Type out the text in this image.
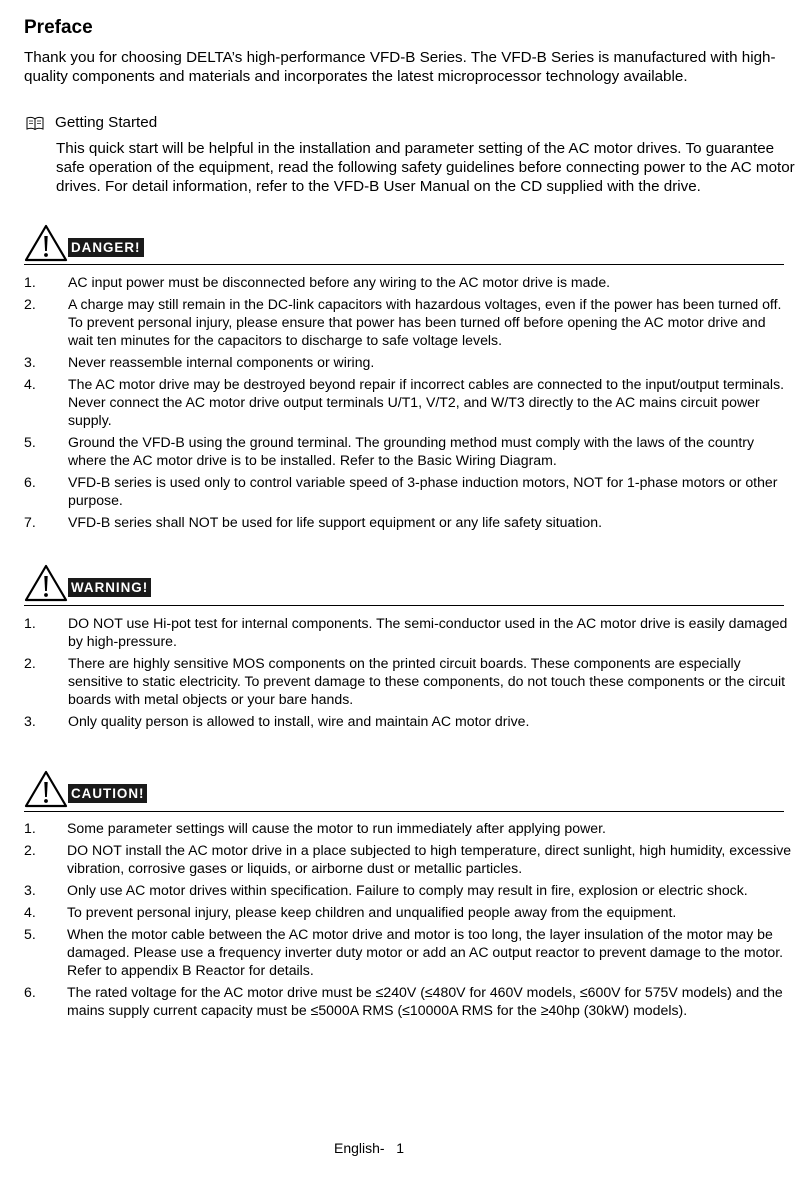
Preface

Thank you for choosing DELTA’s high-performance VFD-B Series. The VFD-B Series is manufactured with high-quality components and materials and incorporates the latest microprocessor technology available.

Getting Started

This quick start will be helpful in the installation and parameter setting of the AC motor drives. To guarantee safe operation of the equipment, read the following safety guidelines before connecting power to the AC motor drives. For detail information, refer to the VFD-B User Manual on the CD supplied with the drive.

DANGER!
1.	AC input power must be disconnected before any wiring to the AC motor drive is made.
2.	A charge may still remain in the DC-link capacitors with hazardous voltages, even if the power has been turned off. To prevent personal injury, please ensure that power has been turned off before opening the AC motor drive and wait ten minutes for the capacitors to discharge to safe voltage levels.
3.	Never reassemble internal components or wiring.
4.	The AC motor drive may be destroyed beyond repair if incorrect cables are connected to the input/output terminals. Never connect the AC motor drive output terminals U/T1, V/T2, and W/T3 directly to the AC mains circuit power supply.
5.	Ground the VFD-B using the ground terminal. The grounding method must comply with the laws of the country where the AC motor drive is to be installed. Refer to the Basic Wiring Diagram.
6.	VFD-B series is used only to control variable speed of 3-phase induction motors, NOT for 1-phase motors or other purpose.
7.	VFD-B series shall NOT be used for life support equipment or any life safety situation.
WARNING!
1.	DO NOT use Hi-pot test for internal components. The semi-conductor used in the AC motor drive is easily damaged by high-pressure.
2.	There are highly sensitive MOS components on the printed circuit boards. These components are especially sensitive to static electricity. To prevent damage to these components, do not touch these components or the circuit boards with metal objects or your bare hands.
3.	Only quality person is allowed to install, wire and maintain AC motor drive.
CAUTION!
1.	Some parameter settings will cause the motor to run immediately after applying power.
2.	DO NOT install the AC motor drive in a place subjected to high temperature, direct sunlight, high humidity, excessive vibration, corrosive gases or liquids, or airborne dust or metallic particles.
3.	Only use AC motor drives within specification. Failure to comply may result in fire, explosion or electric shock.
4.	To prevent personal injury, please keep children and unqualified people away from the equipment.
5.	When the motor cable between the AC motor drive and motor is too long, the layer insulation of the motor may be damaged. Please use a frequency inverter duty motor or add an AC output reactor to prevent damage to the motor. Refer to appendix B Reactor for details.
6.	The rated voltage for the AC motor drive must be ≤240V (≤480V for 460V models, ≤600V for 575V models) and the mains supply current capacity must be ≤5000A RMS (≤10000A RMS for the ≥40hp (30kW) models).
English-   1
